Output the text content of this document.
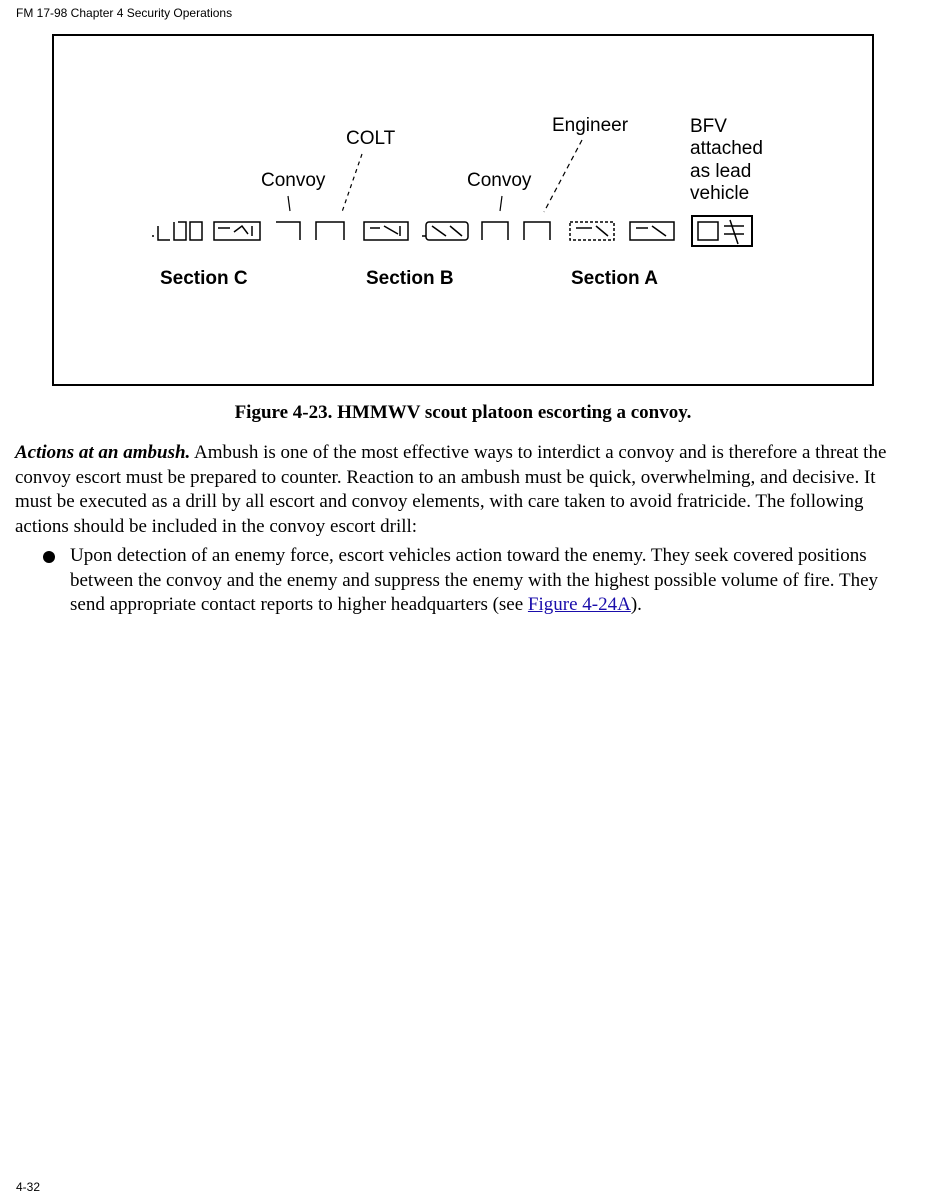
FM 17-98 Chapter 4 Security Operations
COLT
Engineer
Convoy	Convoy
BFV
attached
as lead
vehicle
Section C	Section B	Section A
Figure 4-23. HMMWV scout platoon escorting a convoy.

Actions at an ambush. Ambush is one of the most effective ways to interdict a convoy and is therefore a threat the convoy escort must be prepared to counter. Reaction to an ambush must be quick, overwhelming, and decisive. It must be executed as a drill by all escort and convoy elements, with care taken to avoid fratricide. The following actions should be included in the convoy escort drill:

Upon detection of an enemy force, escort vehicles action toward the enemy. They seek covered positions between the convoy and the enemy and suppress the enemy with the highest possible volume of fire. They send appropriate contact reports to higher headquarters (see Figure 4-24A).
4-32
